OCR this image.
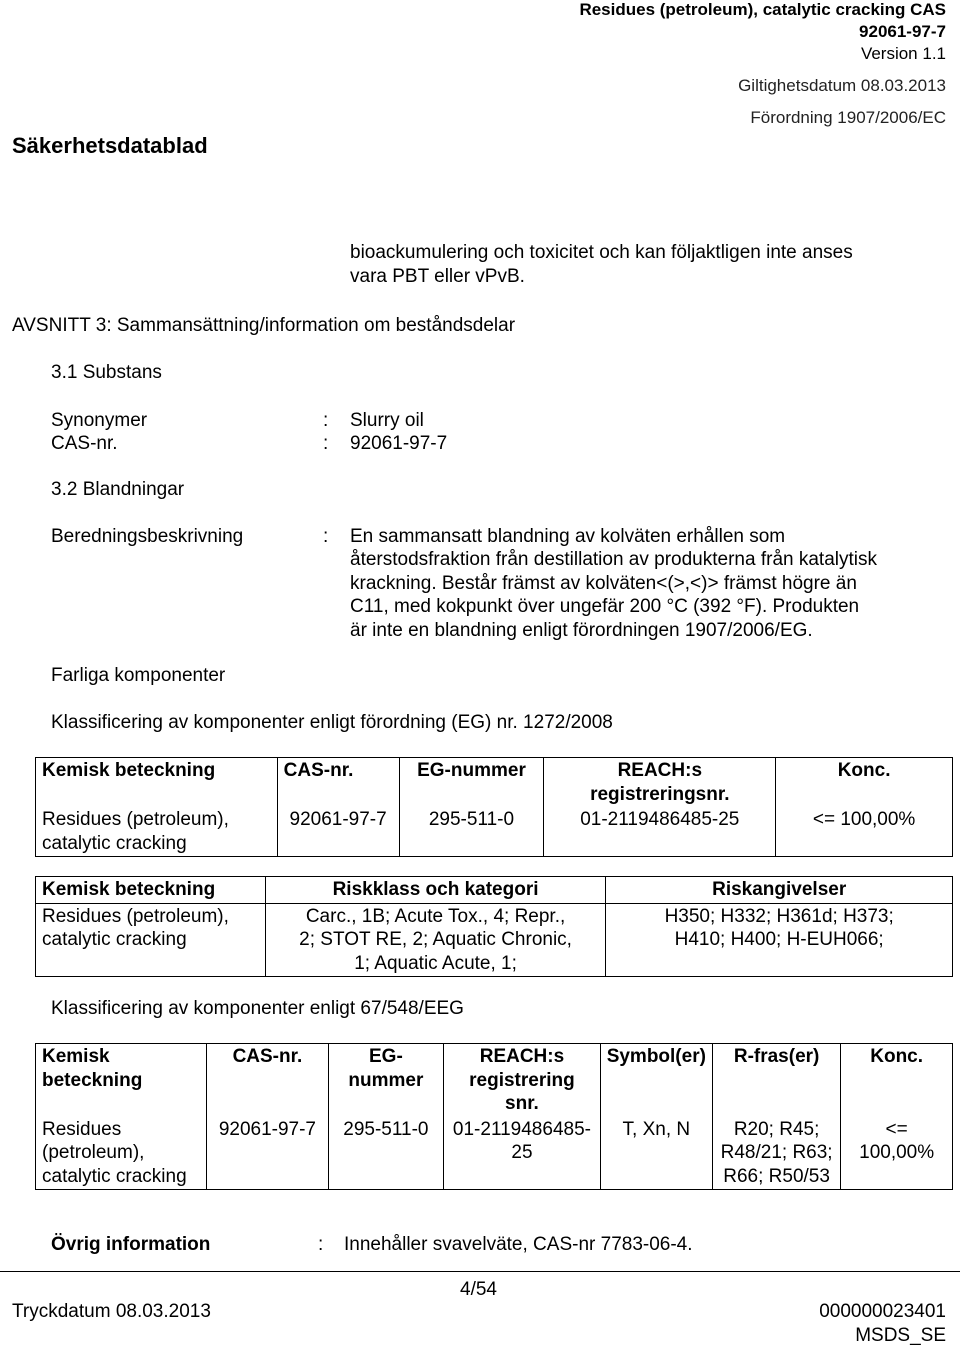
Residues (petroleum), catalytic cracking CAS
92061-97-7
Version 1.1
Giltighetsdatum 08.03.2013
Förordning 1907/2006/EC
Säkerhetsdatablad
bioackumulering och toxicitet och kan följaktligen inte anses
vara PBT eller vPvB.
AVSNITT 3: Sammansättning/information om beståndsdelar
3.1 Substans
Synonymer	: Slurry oil
CAS-nr.	: 92061-97-7
3.2 Blandningar
Beredningsbeskrivning	: En sammansatt blandning av kolväten erhållen som
återstodsfraktion från destillation av produkterna från katalytisk
krackning. Består främst av kolväten<(>,<)> främst högre än
C11, med kokpunkt över ungefär 200 °C (392 °F). Produkten
är inte en blandning enligt förordningen 1907/2006/EG.
Farliga komponenter
Klassificering av komponenter enligt förordning (EG) nr. 1272/2008
Kemisk beteckning	CAS-nr.	EG-nummer	REACH:s registreringsnr.	Konc.
Residues (petroleum), catalytic cracking	92061-97-7	295-511-0	01-2119486485-25	<= 100,00%
Kemisk beteckning	Riskklass och kategori	Riskangivelser
Residues (petroleum), catalytic cracking	Carc., 1B; Acute Tox., 4; Repr., 2; STOT RE, 2; Aquatic Chronic, 1; Aquatic Acute, 1;	H350; H332; H361d; H373; H410; H400; H-EUH066;
Klassificering av komponenter enligt 67/548/EEG
Kemisk beteckning	CAS-nr.	EG-nummer	REACH:s registrering snr.	Symbol(er)	R-fras(er)	Konc.
Residues (petroleum), catalytic cracking	92061-97-7	295-511-0	01-2119486485-25	T, Xn, N	R20; R45; R48/21; R63; R66; R50/53	<= 100,00%
Övrig information	: Innehåller svavelväte, CAS-nr 7783-06-4.
4/54
Tryckdatum 08.03.2013	000000023401
MSDS_SE
